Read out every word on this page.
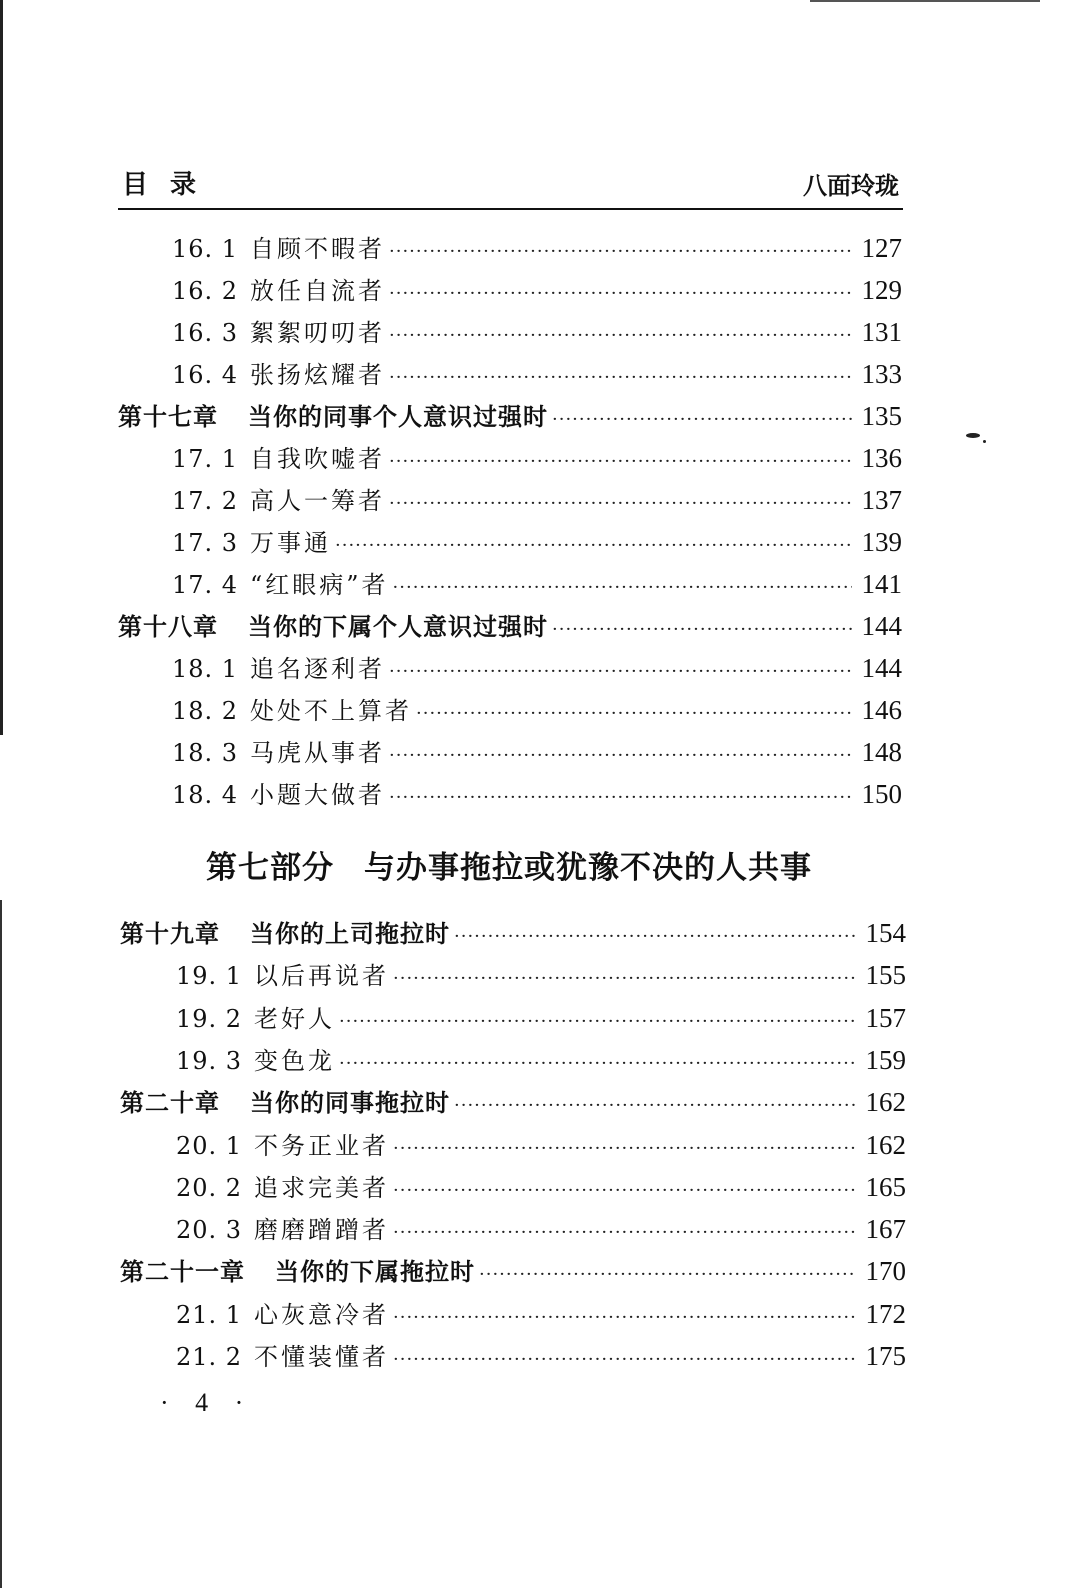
目录	八面玲珑
16. 1 自顾不暇者 ·····	127
16. 2 放任自流者 ·····	129
16. 3 絮絮叨叨者 ·····	131
16. 4 张扬炫耀者 ·····	133
第十七章 当你的同事个人意识过强时 ·····	135
17. 1 自我吹嘘者 ·····	136
17. 2 高人一筹者 ·····	137
17. 3 万事通 ·····	139
17. 4 “红眼病”者 ·····	141
第十八章 当你的下属个人意识过强时 ·····	144
18. 1 追名逐利者 ·····	144
18. 2 处处不上算者 ·····	146
18. 3 马虎从事者 ·····	148
18. 4 小题大做者 ·····	150
第十九章 当你的上司拖拉时 ·····	154
19. 1 以后再说者 ·····	155
19. 2 老好人 ·····	157
19. 3 变色龙 ·····	159
第二十章 当你的同事拖拉时 ·····	162
20. 1 不务正业者 ·····	162
20. 2 追求完美者 ·····	165
20. 3 磨磨蹭蹭者 ·····	167
第二十一章 当你的下属拖拉时 ·····	170
21. 1 心灰意冷者 ·····	172
21. 2 不懂装懂者 ·····	175
第七部分 与办事拖拉或犹豫不决的人共事
· 4 ·
